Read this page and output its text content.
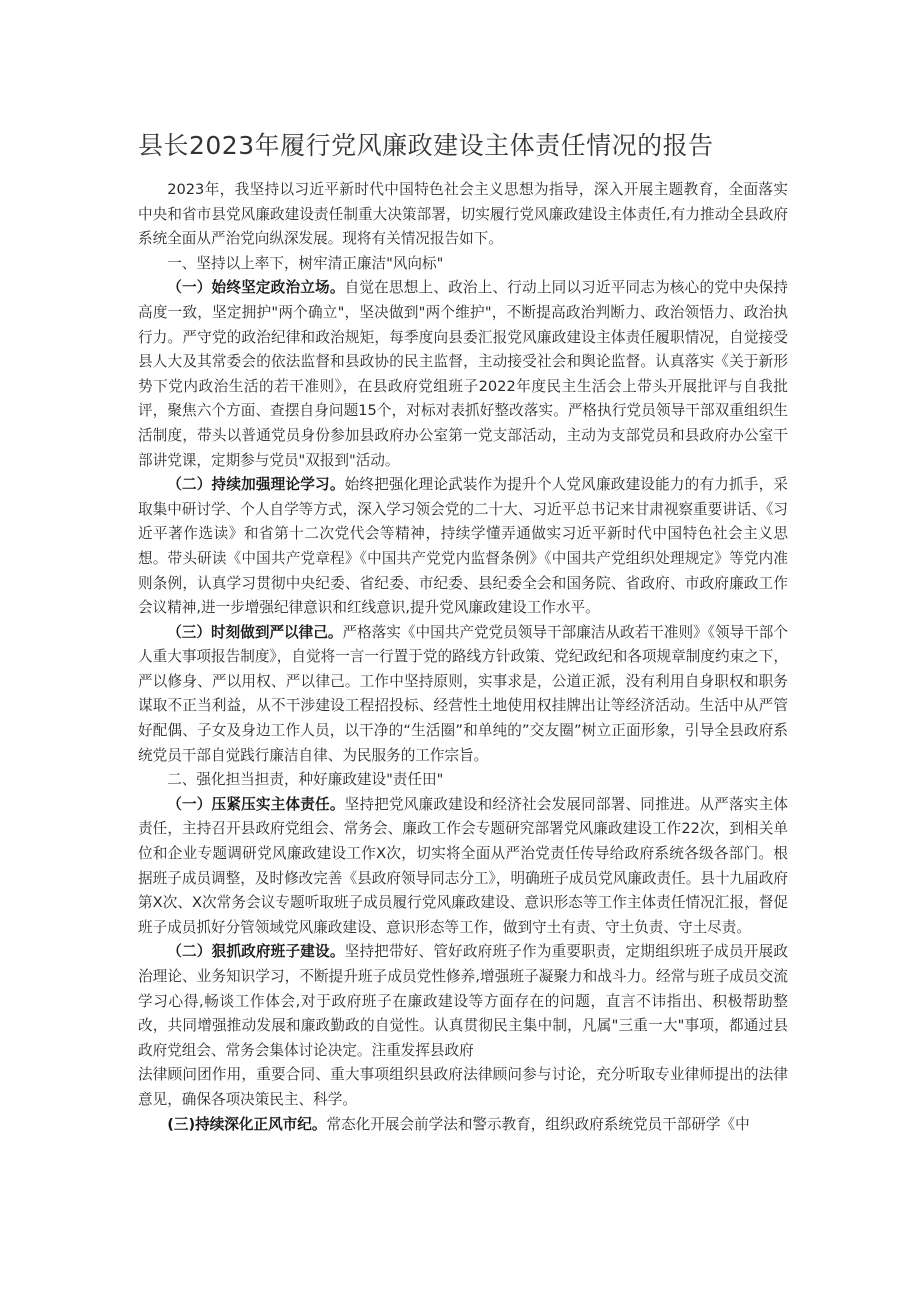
县长2023年履行党风廉政建设主体责任情况的报告

2023年，我坚持以习近平新时代中国特色社会主义思想为指导，深入开展主题教育，全面落实中央和省市县党风廉政建设责任制重大决策部署，切实履行党风廉政建设主体责任,有力推动全县政府系统全面从严治党向纵深发展。现将有关情况报告如下。

一、坚持以上率下，树牢清正廉洁"风向标"

（一）始终坚定政治立场。自觉在思想上、政治上、行动上同以习近平同志为核心的党中央保持高度一致，坚定拥护"两个确立"，坚决做到"两个维护"，不断提高政治判断力、政治领悟力、政治执行力。严守党的政治纪律和政治规矩，每季度向县委汇报党风廉政建设主体责任履职情况，自觉接受县人大及其常委会的依法监督和县政协的民主监督，主动接受社会和舆论监督。认真落实《关于新形势下党内政治生活的若干准则》，在县政府党组班子2022年度民主生活会上带头开展批评与自我批评，聚焦六个方面、查摆自身问题15个，对标对表抓好整改落实。严格执行党员领导干部双重组织生活制度，带头以普通党员身份参加县政府办公室第一党支部活动，主动为支部党员和县政府办公室干部讲党课，定期参与党员"双报到"活动。

（二）持续加强理论学习。始终把强化理论武装作为提升个人党风廉政建设能力的有力抓手，采取集中研讨学、个人自学等方式，深入学习领会党的二十大、习近平总书记来甘肃视察重要讲话、《习近平著作选读》和省第十二次党代会等精神，持续学懂弄通做实习近平新时代中国特色社会主义思想。带头研读《中国共产党章程》《中国共产党党内监督条例》《中国共产党组织处理规定》等党内准则条例，认真学习贯彻中央纪委、省纪委、市纪委、县纪委全会和国务院、省政府、市政府廉政工作会议精神,进一步增强纪律意识和红线意识,提升党风廉政建设工作水平。

（三）时刻做到严以律己。严格落实《中国共产党党员领导干部廉洁从政若干准则》《领导干部个人重大事项报告制度》，自觉将一言一行置于党的路线方针政策、党纪政纪和各项规章制度约束之下，严以修身、严以用权、严以律己。工作中坚持原则，实事求是，公道正派，没有利用自身职权和职务谋取不正当利益，从不干涉建设工程招投标、经营性土地使用权挂牌出让等经济活动。生活中从严管好配偶、子女及身边工作人员，以干净的“生活圈”和单纯的”交友圈”树立正面形象，引导全县政府系统党员干部自觉践行廉洁自律、为民服务的工作宗旨。

二、强化担当担责，种好廉政建设"责任田"

（一）压紧压实主体责任。坚持把党风廉政建设和经济社会发展同部署、同推进。从严落实主体责任，主持召开县政府党组会、常务会、廉政工作会专题研究部署党风廉政建设工作22次，到相关单位和企业专题调研党风廉政建设工作X次，切实将全面从严治党责任传导给政府系统各级各部门。根据班子成员调整，及时修改完善《县政府领导同志分工》，明确班子成员党风廉政责任。县十九届政府第X次、X次常务会议专题听取班子成员履行党风廉政建设、意识形态等工作主体责任情况汇报，督促班子成员抓好分管领域党风廉政建设、意识形态等工作，做到守土有责、守土负责、守土尽责。

（二）狠抓政府班子建设。坚持把带好、管好政府班子作为重要职责，定期组织班子成员开展政治理论、业务知识学习，不断提升班子成员党性修养,增强班子凝聚力和战斗力。经常与班子成员交流学习心得,畅谈工作体会,对于政府班子在廉政建设等方面存在的问题，直言不讳指出、积极帮助整改，共同增强推动发展和廉政勤政的自觉性。认真贯彻民主集中制，凡属"三重一大"事项，都通过县政府党组会、常务会集体讨论决定。注重发挥县政府

法律顾问团作用，重要合同、重大事项组织县政府法律顾问参与讨论，充分听取专业律师提出的法律意见，确保各项决策民主、科学。

(三)持续深化正风市纪。常态化开展会前学法和警示教育，组织政府系统党员干部研学《中
